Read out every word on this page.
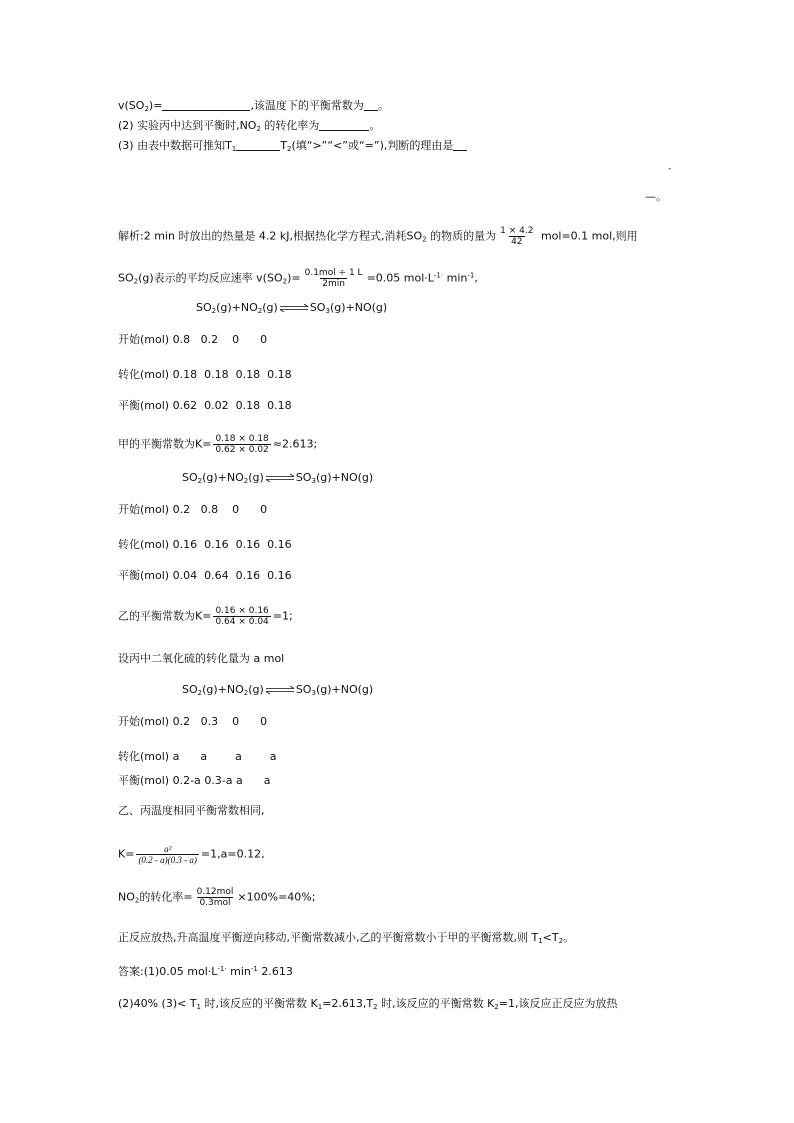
$v(SO_2)=$	,该温度下的平衡常数为 。
(2) 实验丙中达到平衡时$,NO_2$ 的转化率为	。
(3) 由表中数据可推知$T_1$	$T_2$(填“>”“<”或“=”),判断的理由是
-
—。
解析:2 min 时放出的热量是 4.2 kJ,根据热化学方程式,消耗$SO_2$ 的物质的量为 $\frac{1 \times 4.2}{42} mol=0.1$ mol,则用
$SO_2(g)$表示的平均反应速率 $v(SO_2)= \frac{\text{0.1mol ÷ 1 L}}{2\min} =0.05$ $mol\cdot L^{-1\cdot}$ $\min^{-1}$,
$SO_2(g)+NO_2(g)\rightleftharpoons SO_3(g)+NO(g)$
开始(mol) 0.8 0.2 0 0
转化(mol) 0.18 0.18 0.18 0.18
平衡(mol) 0.62 0.02 0.18 0.18
甲的平衡常数为$K= \frac{0.18 \times 0.18}{0.62 \times 0.02} \approx 2.613$;
$SO_2(g)+NO_2(g)\rightleftharpoons SO_3(g)+NO(g)$
开始(mol) 0.2 0.8 0 0
转化(mol) 0.16 0.16 0.16 0.16
平衡(mol) 0.04 0.64 0.16 0.16
乙的平衡常数为$K= \frac{0.16 \times 0.16}{0.64 \times 0.04} =1$;
设丙中二氧化硫的转化量为 a mol
$SO_2(g)+NO_2(g)\rightleftharpoons SO_3(g)+NO(g)$
开始(mol) 0.2 0.3 0 0
转化(mol) a a	a	a
平衡(mol) 0.2-a 0.3-a a a
乙、丙温度相同平衡常数相同,
$K= \frac{\text{a²}}{(0.2 - a)(0.3 - a)} =1,a=0.12$,
$NO_2$的转化率= $\frac{\text{0.12mol}}{\text{0.3mol}} \times 100\%=40\%$;
正反应放热,升高温度平衡逆向移动,平衡常数减小,乙的平衡常数小于甲的平衡常数,则 $T_1<T_2$。
答案:(1)0.05 $mol\cdot L^{-1\cdot}$ $\min^{-1} 2.613$
(2)40% $(3)< T_1$ 时,该反应的平衡常数 $K_1=2.613,T_2$ 时,该反应的平衡常数 $K_2=1$,该反应正反应为放热
